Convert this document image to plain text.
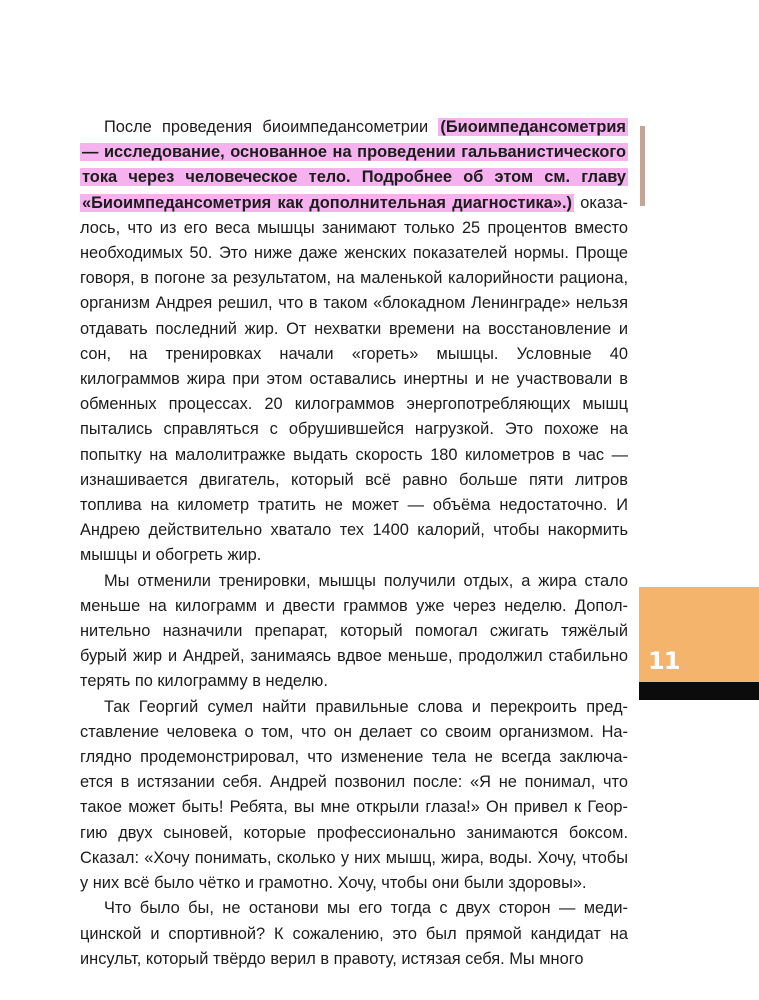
После проведения биоимпедансометрии (Биоимпедансометрия — исследование, основанное на проведении гальванистического тока через человеческое тело. Подробнее об этом см. главу «Биоимпедансометрия как дополнительная диагностика».) оказалось, что из его веса мышцы занимают только 25 процентов вместо необходимых 50. Это ниже даже женских показателей нормы. Проще говоря, в погоне за результатом, на маленькой калорийности рациона, организм Андрея решил, что в таком «блокадном Ленинграде» нельзя отдавать последний жир. От нехватки времени на восстановление и сон, на тренировках начали «гореть» мышцы. Условные 40 килограммов жира при этом оставались инертны и не участвовали в обменных процессах. 20 килограммов энергопотребляющих мышц пытались справляться с обрушившейся нагрузкой. Это похоже на попытку на малолитражке выдать скорость 180 километров в час — изнашивается двигатель, который всё равно больше пяти литров топлива на километр тратить не может — объёма недостаточно. И Андрею действительно хватало тех 1400 калорий, чтобы накормить мышцы и обогреть жир.

Мы отменили тренировки, мышцы получили отдых, а жира стало меньше на килограмм и двести граммов уже через неделю. Дополнительно назначили препарат, который помогал сжигать тяжёлый бурый жир и Андрей, занимаясь вдвое меньше, продолжил стабильно терять по килограмму в неделю.

Так Георгий сумел найти правильные слова и перекроить представление человека о том, что он делает со своим организмом. Наглядно продемонстрировал, что изменение тела не всегда заключается в истязании себя. Андрей позвонил после: «Я не понимал, что такое может быть! Ребята, вы мне открыли глаза!» Он привел к Георгию двух сыновей, которые профессионально занимаются боксом. Сказал: «Хочу понимать, сколько у них мышц, жира, воды. Хочу, чтобы у них всё было чётко и грамотно. Хочу, чтобы они были здоровы».

Что было бы, не останови мы его тогда с двух сторон — медицинской и спортивной? К сожалению, это был прямой кандидат на инсульт, который твёрдо верил в правоту, истязая себя. Мы много

11
